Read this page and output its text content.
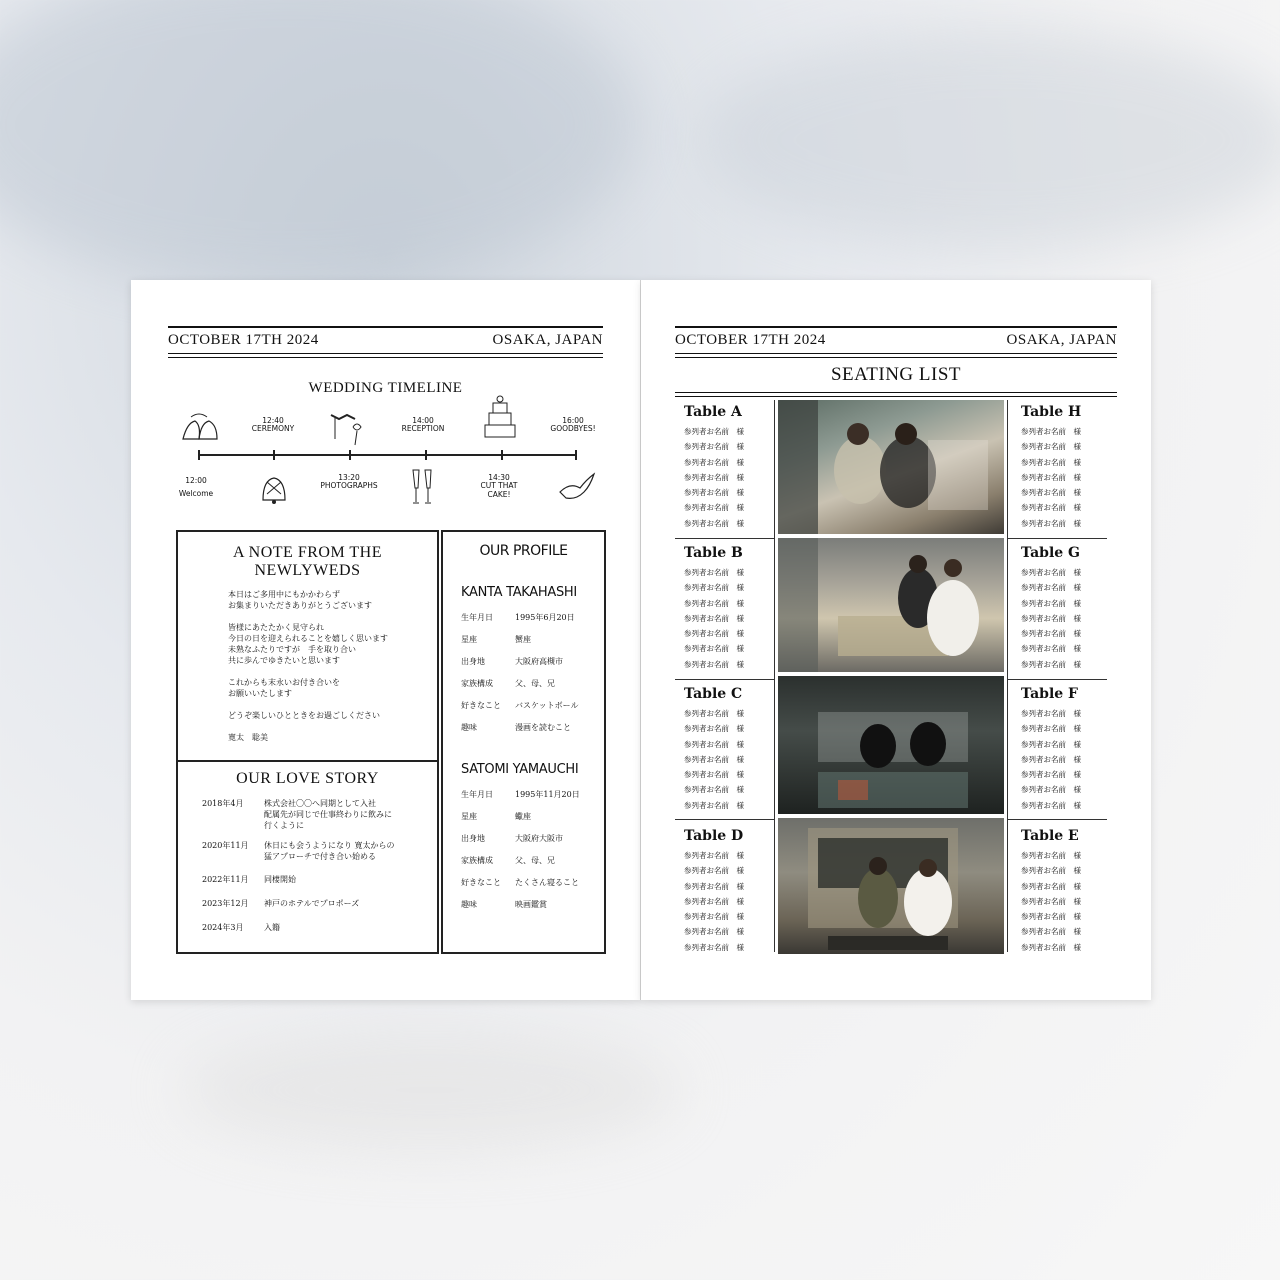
OCTOBER 17TH 2024	OSAKA, JAPAN
WEDDING TIMELINE
12:00
Welcome
13:20
PHOTOGRAPHS
14:30
CUT THAT CAKE!
12:40
CEREMONY
14:00
RECEPTION
16:00
GOODBYES!
A NOTE FROM THE NEWLYWEDS

本日はご多用中にもかかわらず

お集まりいただきありがとうございます

皆様にあたたかく見守られ

今日の日を迎えられることを嬉しく思います

未熟なふたりですが　手を取り合い

共に歩んでゆきたいと思います

これからも末永いお付き合いを

お願いいたします

どうぞ楽しいひとときをお過ごしください

寛太　聡美

OUR LOVE STORY
2018年4月	株式会社〇〇へ同期として入社
配属先が同じで仕事終わりに飲みに
行くように
2020年11月	休日にも会うようになり 寛太からの
猛アプローチで付き合い始める
2022年11月	同棲開始
2023年12月	神戸のホテルでプロポーズ
2024年3月	入籍
OUR PROFILE

KANTA TAKAHASHI

生年月日	1995年6月20日
星座	蟹座
出身地	大阪府高槻市
家族構成	父、母、兄
好きなこと	バスケットボール
趣味	漫画を読むこと

SATOMI YAMAUCHI

生年月日	1995年11月20日
星座	蠍座
出身地	大阪府大阪市
家族構成	父、母、兄
好きなこと	たくさん寝ること
趣味	映画鑑賞
OCTOBER 17TH 2024	OSAKA, JAPAN
SEATING LIST
Table A
参列者お名前　様
参列者お名前　様
参列者お名前　様
参列者お名前　様
参列者お名前　様
参列者お名前　様
参列者お名前　様
Table B
参列者お名前　様
参列者お名前　様
参列者お名前　様
参列者お名前　様
参列者お名前　様
参列者お名前　様
参列者お名前　様
Table C
参列者お名前　様
参列者お名前　様
参列者お名前　様
参列者お名前　様
参列者お名前　様
参列者お名前　様
参列者お名前　様
Table D
参列者お名前　様
参列者お名前　様
参列者お名前　様
参列者お名前　様
参列者お名前　様
参列者お名前　様
参列者お名前　様
Table H
参列者お名前　様
参列者お名前　様
参列者お名前　様
参列者お名前　様
参列者お名前　様
参列者お名前　様
参列者お名前　様
Table G
参列者お名前　様
参列者お名前　様
参列者お名前　様
参列者お名前　様
参列者お名前　様
参列者お名前　様
参列者お名前　様
Table F
参列者お名前　様
参列者お名前　様
参列者お名前　様
参列者お名前　様
参列者お名前　様
参列者お名前　様
参列者お名前　様
Table E
参列者お名前　様
参列者お名前　様
参列者お名前　様
参列者お名前　様
参列者お名前　様
参列者お名前　様
参列者お名前　様
